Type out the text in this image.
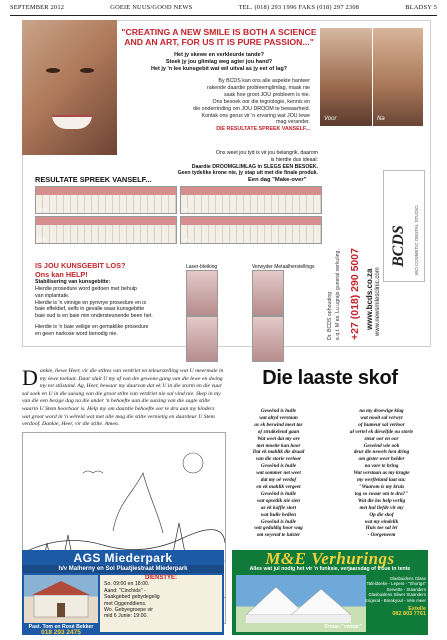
SEPTEMBER 2012	GOEIE NUUS/GOOD NEWS	TEL. (018) 293 1996 FAKS (018) 297 2308	BLADSY 5
"CREATING A NEW SMILE IS BOTH A SCIENCE AND AN ART, FOR US IT IS PURE PASSION..."
Het jy skewe en verkleurde tande?
Steek jy jou glimlag weg agter jou hand?
Het jy 'n lee kunsgebit wat wil uitval as jy eet of lag?
By BCDS kan ons alle aspekte hanteer
rakende daardie probleemglimlag, maak nie
saak hoe groot JOU probleem is nie.
Ons besoek oor die tegnologie, kennis en
die onderrinding om JOU DROOM te bewaarheid.
Kontak ons gerus vir 'n ervaring wat JOU lewe
mag verander.
DIE RESULTATE SPREEK VANSELF...
Ons weet jou tyd is vir jou belangrik, daarom
is hierdie dus ideaal:
Daardie DROOMGLIMLAG in SLEGS EEN BESOEK.
Geen tydelike krone nie, jy stap uit met die finale produk.
Voor	Na
Dr. BCDS ophouding e.q.t. M es. Lu ugrajs guneral verkuling, +27 (018) 290 5007 www.bcds.co.za www.newsmilesclinic.com
BCDS BIO COSMETIC DENTAL STUDIO
RESULTATE SPREEK VANSELF...	Een dag "Make-over"
Voor	Na
Voor	Na
IS JOU KUNSGEBIT LOS?
Ons kan HELP!
Stabilisering van kunsgebitte:
Hierdie prosedure word gedoen met behulp
van inplantate.
Hierdie is 'n vinnige en pynvrye prosedure en is
baie effektief, selfs in gevalle waar kunsgebitte
baie oud is en baie min ondersteunende been het.
Hierdie is 'n baie veilige en gemaklike prosedure
en geen narkose word benodig nie.
Laser-bleiking	Verwyder Metaalherstellings
Dankie, liewe Heer, vir die stiltes van verdriet en teleurstelling wat U meermale in my lewe toelaat. Daar sluit U my af van die gewone gang van die lewe en dwing my tot stilstand. Ag, Heer, bewaar my daarvan dat ek U in die storm en die vuur sal soek en U in die suising van die groot stilte van verdriet nie sal vind nie. Skep in my van die een besige dag na die ander 'n behoefte aan die suising van die sagte stilte waarin U Stem hoorbaar is. Help my om daardie behoefte oor te dra aan my kinders wat groot word in 'n wêreld wat met alle mag die stilte vernietig en daardeur U Stem verdoof. Dankie, Heer, vir die stilte. Amen.
Die laaste skof
Geseënd is hulle
wat altyd verstaan
as ek beswind meet tas
of struikelend gaan
Wat weet dat my ore
met moeite kan hoor
Dat ek mahlik die draad
van die storie verloor
Geseënd is hulle
wat sommer net weet
dat my oë verdof
en ek mahlik vergeet
Geseënd is hulle
wat opsetlik nie sien
as ek koffie stort
wat hulle bedien
Geseënd is hulle
wat geduldig hoor wag
om swyend te luister
na my droewige klag
wat nooit sal verwyt
of humeur sal verloor
al vertel ek dieselfde ou storie
steur oor en oor
Geseënd wie ook
deur die newels hen dring
om gister weer helder
na vore te bring
Wat verstaan as my kragte
my werfleland laat sta:
"Waarom is my kruis
tog so swaar om te dra?"
Wat die las help verlig
met hul liefde vir my
Op die skof
wat my eindelik
Huis toe sal lei
- Oorgeneem
AGS Miederpark
h/v Malherny en Sol Plaatjiestraat Miederpark
Past. Tom en Rosé Bekker
018 293 2475
DIENSTYE:
So. 09:00 en 18:00.
Aand: "Cinchids" -
Saakgebed gebydegelig
met Oggenddiens.
Wo. Gebyegroepe vir
mid 6 Junie: 19:00.
M&E Verhurings
Alles wat jul nodig het vir 'n funksie, verjaarsdag of troue in tente
Troue-"venue"
Glasbuidens Glase
Tafeldoeke - Lepers - "Shortgs"
Servette - Staanders
Glasbuidens Silwer Staanders
Erigeral - Breakyoul - Vele meer
Estelle
082 803 7761
